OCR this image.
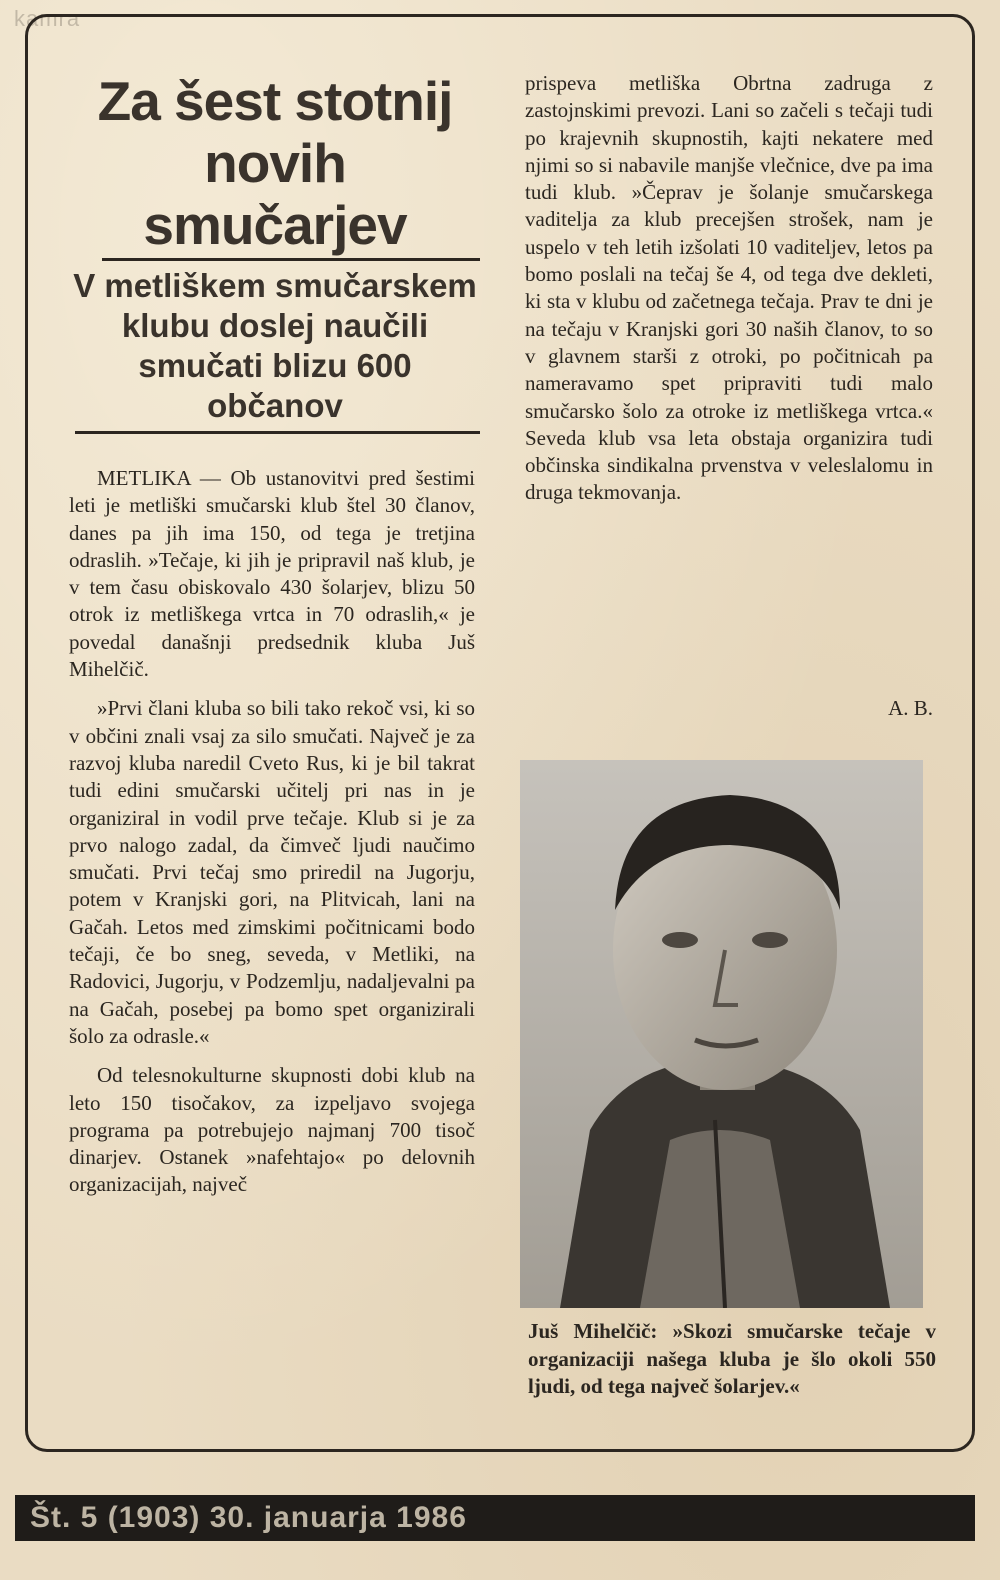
kamra
Za šest stotnij novih smučarjev
V metliškem smučarskem klubu doslej naučili smučati blizu 600 občanov

METLIKA — Ob ustanovitvi pred šestimi leti je metliški smučarski klub štel 30 članov, danes pa jih ima 150, od tega je tretjina odraslih. »Tečaje, ki jih je pripravil naš klub, je v tem času obiskovalo 430 šolarjev, blizu 50 otrok iz metliškega vrtca in 70 odraslih,« je povedal današnji predsednik kluba Juš Mihelčič.

»Prvi člani kluba so bili tako rekoč vsi, ki so v občini znali vsaj za silo smučati. Največ je za razvoj kluba naredil Cveto Rus, ki je bil takrat tudi edini smučarski učitelj pri nas in je organiziral in vodil prve tečaje. Klub si je za prvo nalogo zadal, da čimveč ljudi naučimo smučati. Prvi tečaj smo priredil na Jugorju, potem v Kranjski gori, na Plitvicah, lani na Gačah. Letos med zimskimi počitnicami bodo tečaji, če bo sneg, seveda, v Metliki, na Radovici, Jugorju, v Podzemlju, nadaljevalni pa na Gačah, posebej pa bomo spet organizirali šolo za odrasle.«

Od telesnokulturne skupnosti dobi klub na leto 150 tisočakov, za izpeljavo svojega programa pa potrebujejo najmanj 700 tisoč dinarjev. Ostanek »nafehtajo« po delovnih organizacijah, največ

prispeva metliška Obrtna zadruga z zastojnskimi prevozi. Lani so začeli s tečaji tudi po krajevnih skupnostih, kajti nekatere med njimi so si nabavile manjše vlečnice, dve pa ima tudi klub. »Čeprav je šolanje smučarskega vaditelja za klub precejšen strošek, nam je uspelo v teh letih izšolati 10 vaditeljev, letos pa bomo poslali na tečaj še 4, od tega dve dekleti, ki sta v klubu od začetnega tečaja. Prav te dni je na tečaju v Kranjski gori 30 naših članov, to so v glavnem starši z otroki, po počitnicah pa nameravamo spet pripraviti tudi malo smučarsko šolo za otroke iz metliškega vrtca.« Seveda klub vsa leta obstaja organizira tudi občinska sindikalna prvenstva v veleslalomu in druga tekmovanja.

A. B.
Juš Mihelčič: »Skozi smučarske tečaje v organizaciji našega kluba je šlo okoli 550 ljudi, od tega največ šolarjev.«
Št. 5 (1903) 30. januarja 1986
